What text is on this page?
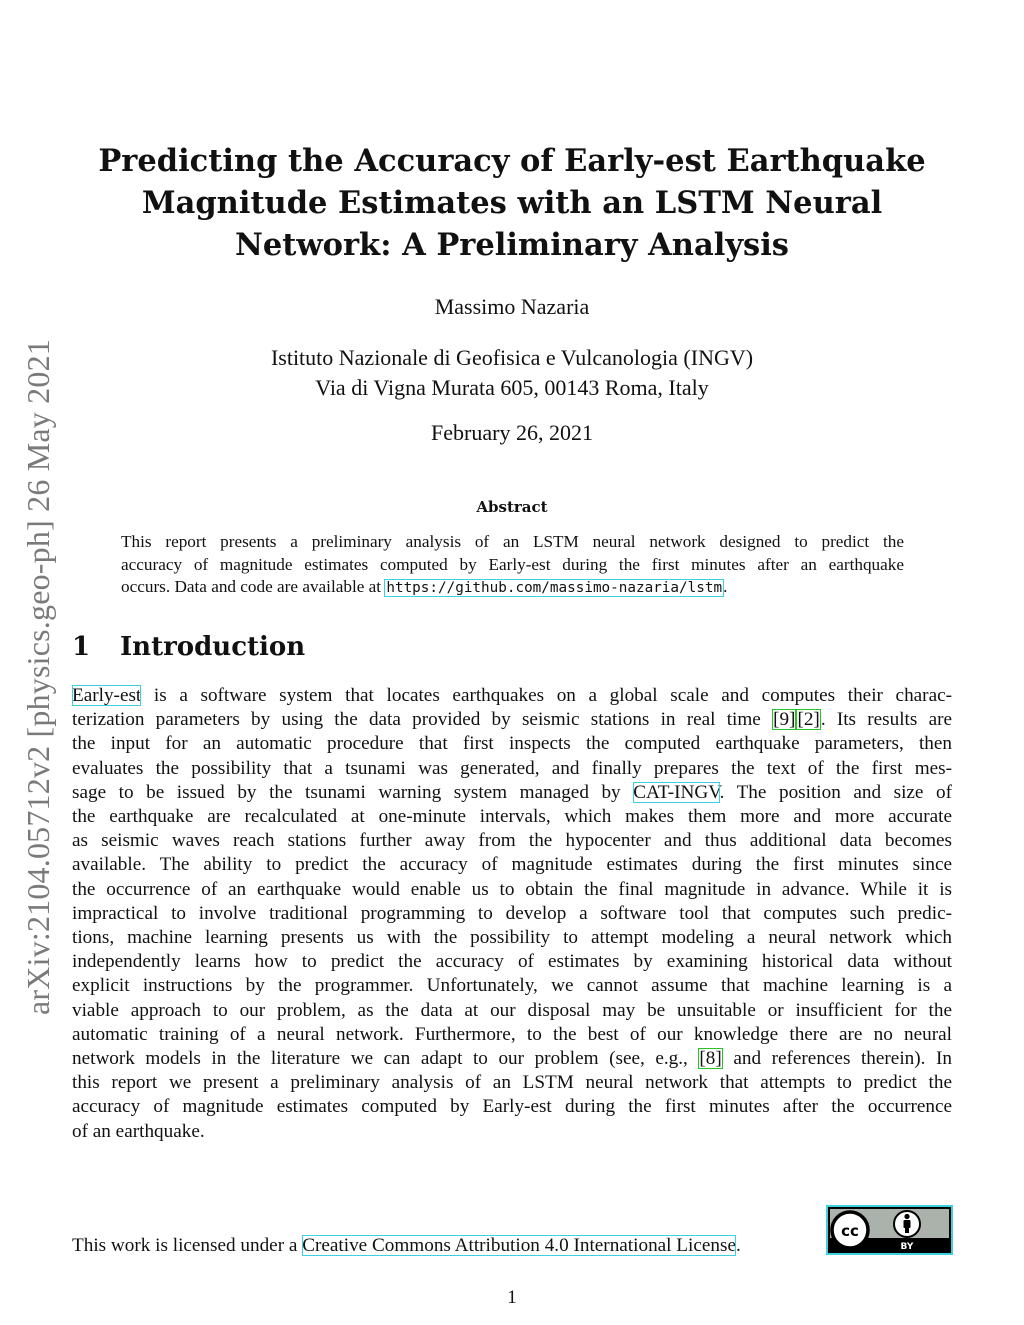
arXiv:2104.05712v2 [physics.geo-ph] 26 May 2021
Predicting the Accuracy of Early-est Earthquake
Magnitude Estimates with an LSTM Neural
Network: A Preliminary Analysis
Massimo Nazaria
Istituto Nazionale di Geofisica e Vulcanologia (INGV)
Via di Vigna Murata 605, 00143 Roma, Italy
February 26, 2021
Abstract
This report presents a preliminary analysis of an LSTM neural network designed to predict the
accuracy of magnitude estimates computed by Early-est during the first minutes after an earthquake
occurs. Data and code are available at https://github.com/massimo-nazaria/lstm.
1 Introduction
Early-est is a software system that locates earthquakes on a global scale and computes their charac-
terization parameters by using the data provided by seismic stations in real time [9] [2]. Its results are
the input for an automatic procedure that first inspects the computed earthquake parameters, then
evaluates the possibility that a tsunami was generated, and finally prepares the text of the first mes-
sage to be issued by the tsunami warning system managed by CAT-INGV. The position and size of
the earthquake are recalculated at one-minute intervals, which makes them more and more accurate
as seismic waves reach stations further away from the hypocenter and thus additional data becomes
available. The ability to predict the accuracy of magnitude estimates during the first minutes since
the occurrence of an earthquake would enable us to obtain the final magnitude in advance. While it is
impractical to involve traditional programming to develop a software tool that computes such predic-
tions, machine learning presents us with the possibility to attempt modeling a neural network which
independently learns how to predict the accuracy of estimates by examining historical data without
explicit instructions by the programmer. Unfortunately, we cannot assume that machine learning is a
viable approach to our problem, as the data at our disposal may be unsuitable or insufficient for the
automatic training of a neural network. Furthermore, to the best of our knowledge there are no neural
network models in the literature we can adapt to our problem (see, e.g., [8] and references therein). In
this report we present a preliminary analysis of an LSTM neural network that attempts to predict the
accuracy of magnitude estimates computed by Early-est during the first minutes after the occurrence
of an earthquake.
This work is licensed under a Creative Commons Attribution 4.0 International License.
cc
BY
1
